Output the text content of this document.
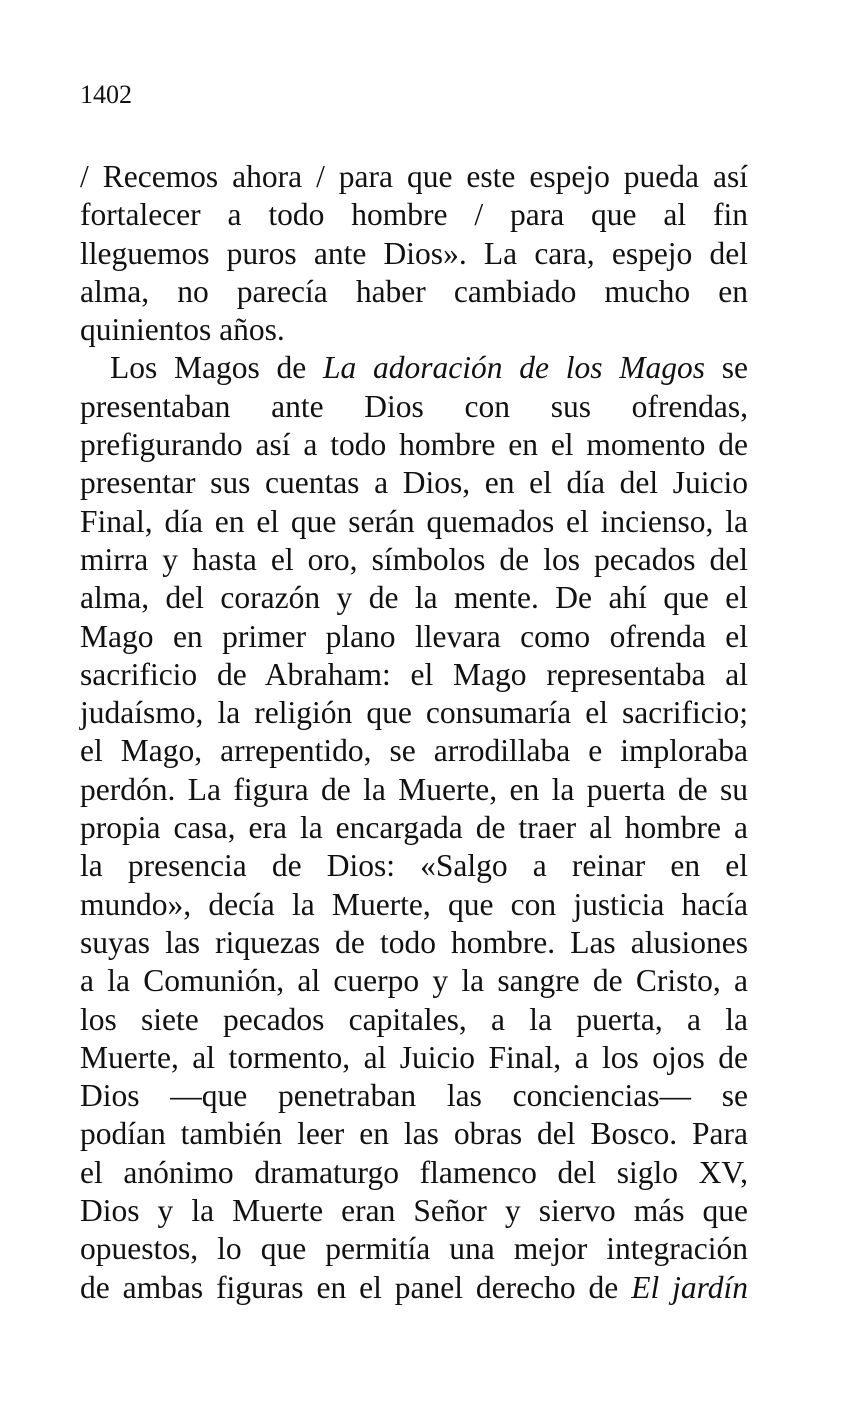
1402
/ Recemos ahora / para que este espejo pueda así
fortalecer a todo hombre / para que al fin
lleguemos puros ante Dios». La cara, espejo del
alma, no parecía haber cambiado mucho en
quinientos años.
Los Magos de La adoración de los Magos se
presentaban ante Dios con sus ofrendas,
prefigurando así a todo hombre en el momento de
presentar sus cuentas a Dios, en el día del Juicio
Final, día en el que serán quemados el incienso, la
mirra y hasta el oro, símbolos de los pecados del
alma, del corazón y de la mente. De ahí que el
Mago en primer plano llevara como ofrenda el
sacrificio de Abraham: el Mago representaba al
judaísmo, la religión que consumaría el sacrificio;
el Mago, arrepentido, se arrodillaba e imploraba
perdón. La figura de la Muerte, en la puerta de su
propia casa, era la encargada de traer al hombre a
la presencia de Dios: «Salgo a reinar en el
mundo», decía la Muerte, que con justicia hacía
suyas las riquezas de todo hombre. Las alusiones
a la Comunión, al cuerpo y la sangre de Cristo, a
los siete pecados capitales, a la puerta, a la
Muerte, al tormento, al Juicio Final, a los ojos de
Dios —que penetraban las conciencias— se
podían también leer en las obras del Bosco. Para
el anónimo dramaturgo flamenco del siglo XV,
Dios y la Muerte eran Señor y siervo más que
opuestos, lo que permitía una mejor integración
de ambas figuras en el panel derecho de El jardín
